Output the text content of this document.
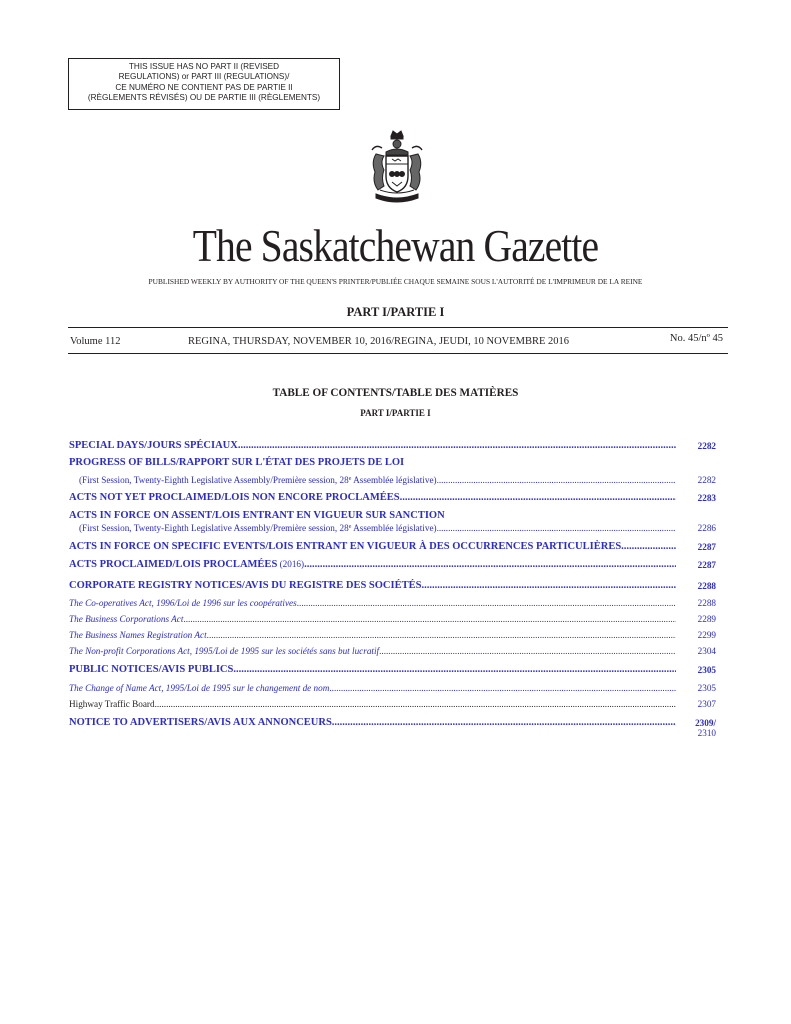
THIS ISSUE HAS NO PART II (REVISED
REGULATIONS) or PART III (REGULATIONS)/
CE NUMÉRO NE CONTIENT PAS DE PARTIE II
(RÈGLEMENTS RÉVISÉS) OU DE PARTIE III (RÈGLEMENTS)
The Saskatchewan Gazette
PUBLISHED WEEKLY BY AUTHORITY OF THE QUEEN'S PRINTER/PUBLIÉE CHAQUE SEMAINE SOUS L'AUTORITÉ DE L'IMPRIMEUR DE LA REINE
PART I/PARTIE I
Volume 112	REGINA, THURSDAY, NOVEMBER 10, 2016/REGINA, JEUDI, 10 NOVEMBRE 2016	No. 45/nº 45
TABLE OF CONTENTS/TABLE DES MATIÈRES
PART I/PARTIE I
SPECIAL DAYS/JOURS SPÉCIAUX .....	2282
PROGRESS OF BILLS/RAPPORT SUR L'ÉTAT DES PROJETS DE LOI
(First Session, Twenty-Eighth Legislative Assembly/Première session, 28e Assemblée législative) .....	2282
ACTS NOT YET PROCLAIMED/LOIS NON ENCORE PROCLAMÉES .....	2283
ACTS IN FORCE ON ASSENT/LOIS ENTRANT EN VIGUEUR SUR SANCTION
(First Session, Twenty-Eighth Legislative Assembly/Première session, 28e Assemblée législative) .....	2286
ACTS IN FORCE ON SPECIFIC EVENTS/LOIS ENTRANT EN VIGUEUR À DES OCCURRENCES PARTICULIÈRES .....	2287
ACTS PROCLAIMED/LOIS PROCLAMÉES (2016) .....	2287
CORPORATE REGISTRY NOTICES/AVIS DU REGISTRE DES SOCIÉTÉS .....	2288
The Co-operatives Act, 1996/Loi de 1996 sur les coopératives .....	2288
The Business Corporations Act .....	2289
The Business Names Registration Act .....	2299
The Non-profit Corporations Act, 1995/Loi de 1995 sur les sociétés sans but lucratif .....	2304
PUBLIC NOTICES/AVIS PUBLICS .....	2305
The Change of Name Act, 1995/Loi de 1995 sur le changement de nom .....	2305
Highway Traffic Board .....	2307
NOTICE TO ADVERTISERS/AVIS AUX ANNONCEURS .....	2309/
2310
